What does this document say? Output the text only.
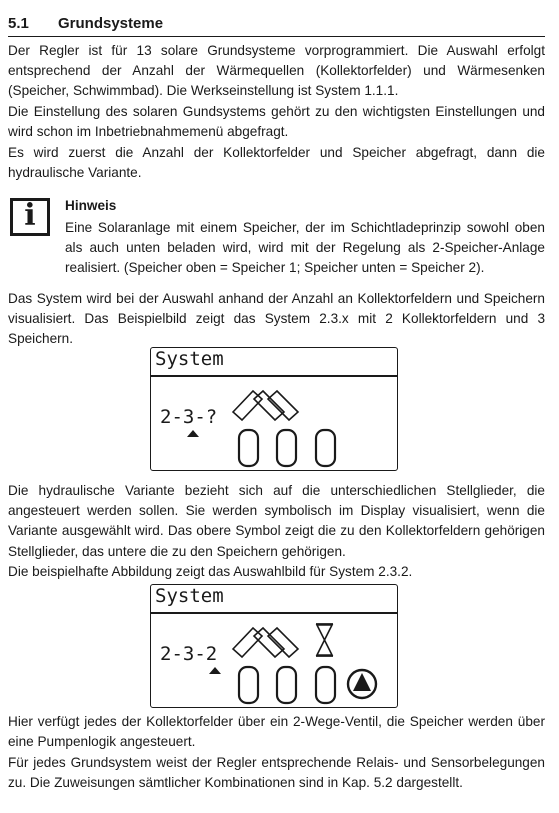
5.1 Grundsysteme

Der Regler ist für 13 solare Grundsysteme vorprogrammiert. Die Auswahl erfolgt entsprechend der Anzahl der Wärmequellen (Kollektorfelder) und Wärmesenken (Speicher, Schwimmbad). Die Werkseinstellung ist System 1.1.1.

Die Einstellung des solaren Gundsystems gehört zu den wichtigsten Einstellungen und wird schon im Inbetriebnahmemenü abgefragt.

Es wird zuerst die Anzahl der Kollektorfelder und Speicher abgefragt, dann die hydraulische Variante.

i	Hinweis

Eine Solaranlage mit einem Speicher, der im Schichtladeprinzip sowohl oben als auch unten beladen wird, wird mit der Regelung als 2-Speicher-Anlage realisiert. (Speicher oben = Speicher 1; Speicher unten = Speicher 2).

Das System wird bei der Auswahl anhand der Anzahl an Kollektorfeldern und Speichern visualisiert. Das Beispielbild zeigt das System 2.3.x mit 2 Kollektorfeldern und 3 Speichern.

System
2-3-?

Die hydraulische Variante bezieht sich auf die unterschiedlichen Stellglieder, die angesteuert werden sollen. Sie werden symbolisch im Display visualisiert, wenn die Variante ausgewählt wird. Das obere Symbol zeigt die zu den Kollektorfeldern gehörigen Stellglieder, das untere die zu den Speichern gehörigen.

Die beispielhafte Abbildung zeigt das Auswahlbild für System 2.3.2.

System
2-3-2

Hier verfügt jedes der Kollektorfelder über ein 2-Wege-Ventil, die Speicher werden über eine Pumpenlogik angesteuert.

Für jedes Grundsystem weist der Regler entsprechende Relais- und Sensorbelegungen zu. Die Zuweisungen sämtlicher Kombinationen sind in Kap. 5.2 dargestellt.
